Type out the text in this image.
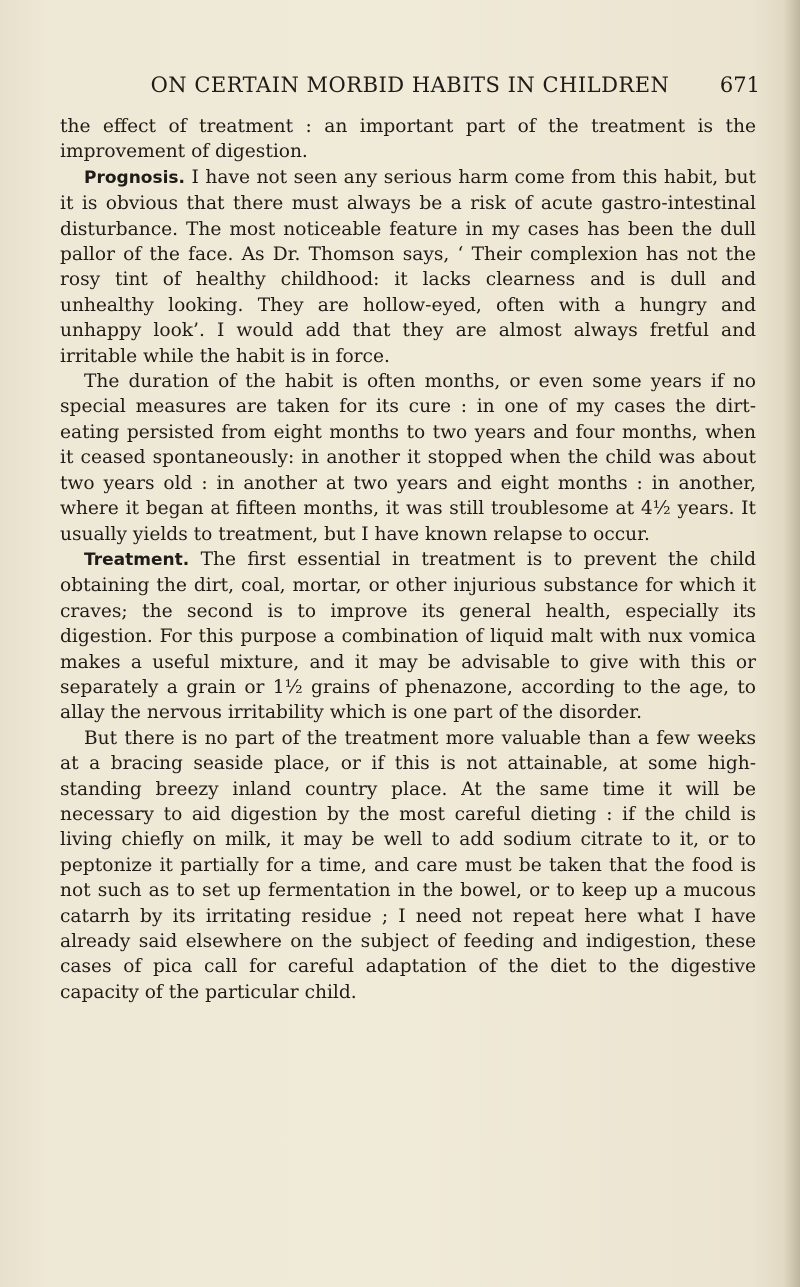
ON CERTAIN MORBID HABITS IN CHILDREN	671

the effect of treatment : an important part of the treatment is the improvement of digestion.

Prognosis. I have not seen any serious harm come from this habit, but it is obvious that there must always be a risk of acute gastro-intestinal disturbance. The most noticeable feature in my cases has been the dull pallor of the face. As Dr. Thomson says, ‘ Their complexion has not the rosy tint of healthy childhood: it lacks clearness and is dull and unhealthy looking. They are hollow-eyed, often with a hungry and unhappy look’. I would add that they are almost always fretful and irritable while the habit is in force.

The duration of the habit is often months, or even some years if no special measures are taken for its cure : in one of my cases the dirt-eating persisted from eight months to two years and four months, when it ceased spontaneously: in another it stopped when the child was about two years old : in another at two years and eight months : in another, where it began at fifteen months, it was still troublesome at 4½ years. It usually yields to treatment, but I have known relapse to occur.

Treatment. The first essential in treatment is to prevent the child obtaining the dirt, coal, mortar, or other injurious substance for which it craves; the second is to improve its general health, especially its digestion. For this purpose a combination of liquid malt with nux vomica makes a useful mixture, and it may be advisable to give with this or separately a grain or 1½ grains of phenazone, according to the age, to allay the nervous irritability which is one part of the disorder.

But there is no part of the treatment more valuable than a few weeks at a bracing seaside place, or if this is not attainable, at some high-standing breezy inland country place. At the same time it will be necessary to aid digestion by the most careful dieting : if the child is living chiefly on milk, it may be well to add sodium citrate to it, or to peptonize it partially for a time, and care must be taken that the food is not such as to set up fermentation in the bowel, or to keep up a mucous catarrh by its irritating residue ; I need not repeat here what I have already said elsewhere on the subject of feeding and indigestion, these cases of pica call for careful adaptation of the diet to the digestive capacity of the particular child.
